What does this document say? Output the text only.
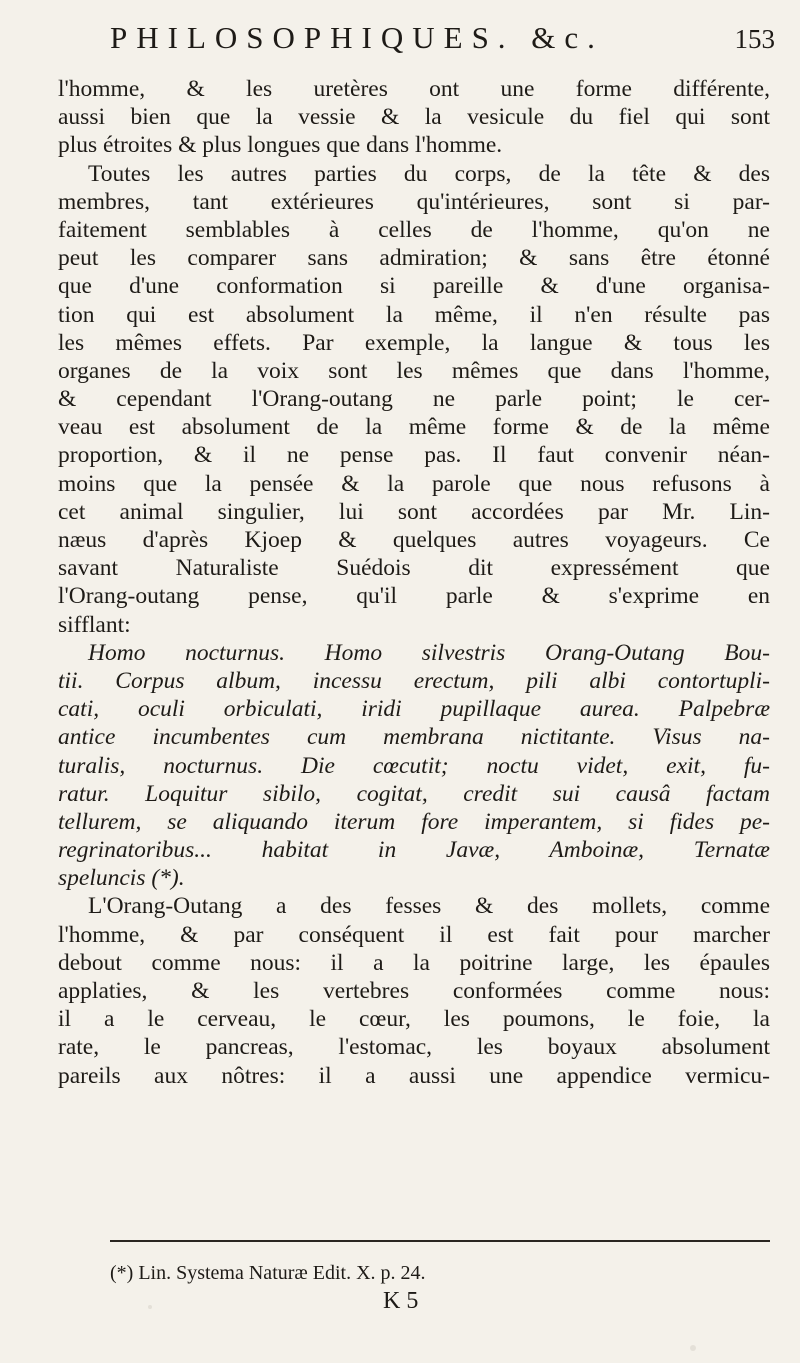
PHILOSOPHIQUES. &c.	153
l'homme, & les uretères ont une forme différente,
aussi bien que la vessie & la vesicule du fiel qui sont
plus étroites & plus longues que dans l'homme.
Toutes les autres parties du corps, de la tête & des
membres, tant extérieures qu'intérieures, sont si par-
faitement semblables à celles de l'homme, qu'on ne
peut les comparer sans admiration; & sans être étonné
que d'une conformation si pareille & d'une organisa-
tion qui est absolument la même, il n'en résulte pas
les mêmes effets. Par exemple, la langue & tous les
organes de la voix sont les mêmes que dans l'homme,
& cependant l'Orang-outang ne parle point; le cer-
veau est absolument de la même forme & de la même
proportion, & il ne pense pas. Il faut convenir néan-
moins que la pensée & la parole que nous refusons à
cet animal singulier, lui sont accordées par Mr. Lin-
næus d'après Kjoep & quelques autres voyageurs. Ce
savant Naturaliste Suédois dit expressément que
l'Orang-outang pense, qu'il parle & s'exprime en
sifflant:
Homo nocturnus. Homo silvestris Orang-Outang Bou-
tii. Corpus album, incessu erectum, pili albi contortupli-
cati, oculi orbiculati, iridi pupillaque aurea. Palpebræ
antice incumbentes cum membrana nictitante. Visus na-
turalis, nocturnus. Die cœcutit; noctu videt, exit, fu-
ratur. Loquitur sibilo, cogitat, credit sui causâ factam
tellurem, se aliquando iterum fore imperantem, si fides pe-
regrinatoribus... habitat in Javæ, Amboinæ, Ternatæ
speluncis (*).
L'Orang-Outang a des fesses & des mollets, comme
l'homme, & par conséquent il est fait pour marcher
debout comme nous: il a la poitrine large, les épaules
applaties, & les vertebres conformées comme nous:
il a le cerveau, le cœur, les poumons, le foie, la
rate, le pancreas, l'estomac, les boyaux absolument
pareils aux nôtres: il a aussi une appendice vermicu-
(*) Lin. Systema Naturæ Edit. X. p. 24.
K 5
